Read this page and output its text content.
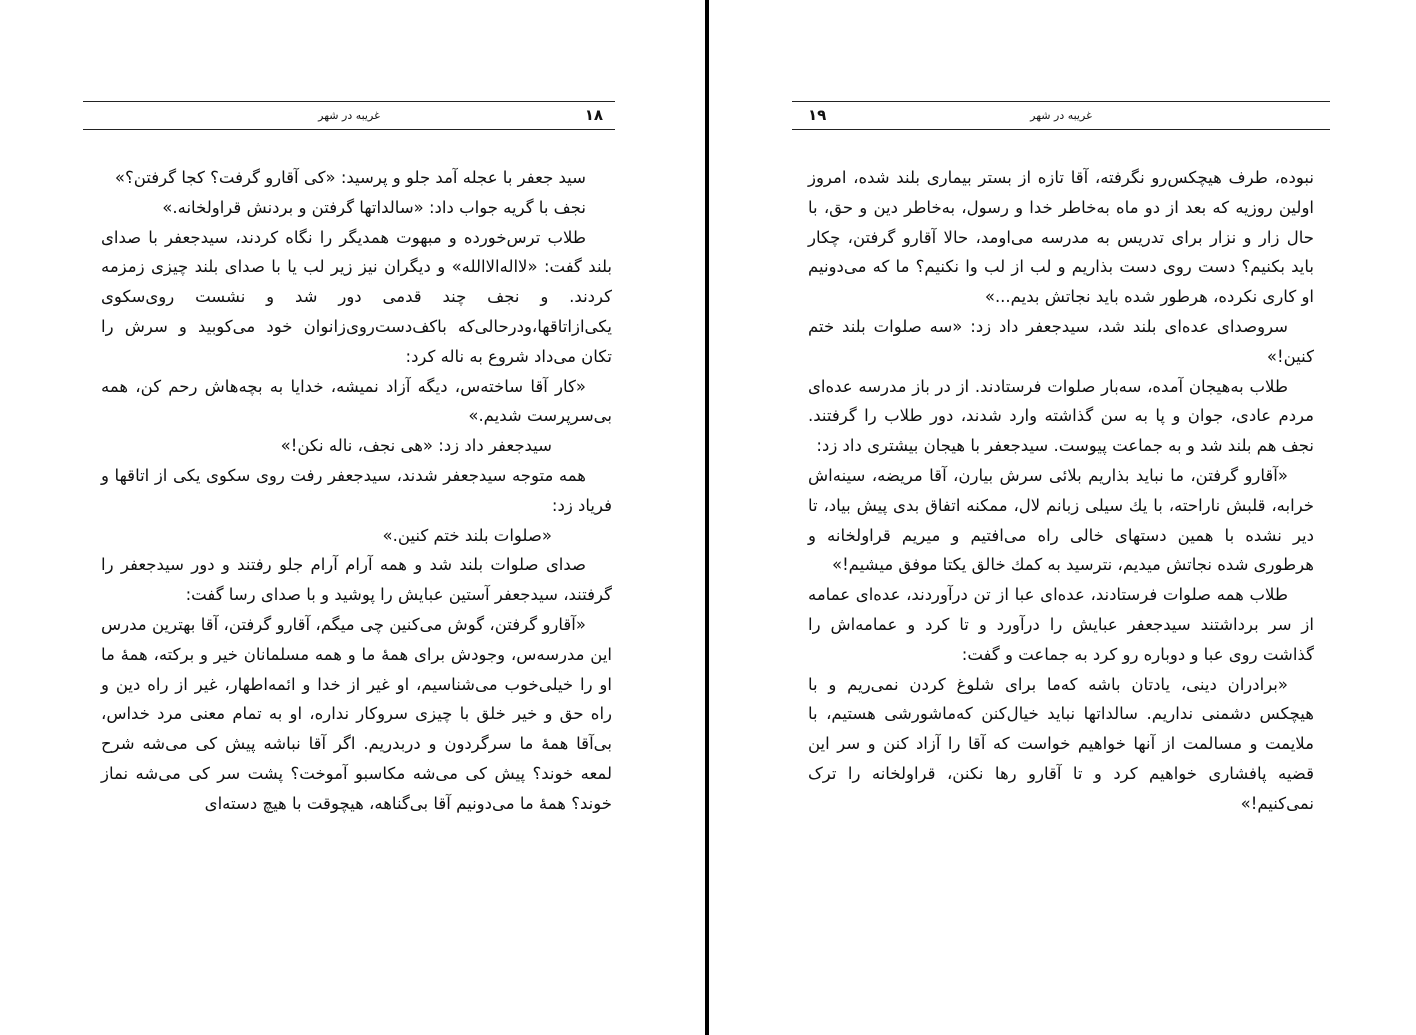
غریبه در شهر	۱۸

سید جعفر با عجله آمد جلو و پرسید: «کی آقارو گرفت؟ کجا گرفتن؟»

نجف با گریه جواب داد: «سالداتها گرفتن و بردنش قراولخانه.»

طلاب ترس‌خورده و مبهوت همدیگر را نگاه کردند، سیدجعفر با صدای بلند گفت: «لااله‌الاالله» و دیگران نیز زیر لب یا با صدای بلند چیزی زمزمه کردند. و نجف چند قدمی دور شد و نشست روی‌سکوی یکی‌ازاتاقها،ودرحالی‌که باکف‌دست‌روی‌زانوان خود می‌کوبید و سرش را تکان می‌داد شروع به ناله کرد:

«کار آقا ساخته‌س، دیگه آزاد نمیشه، خدایا به بچه‌هاش رحم کن، همه بی‌سرپرست شدیم.»

سیدجعفر داد زد: «هی نجف، ناله نکن!»

همه متوجه سیدجعفر شدند، سیدجعفر رفت روی سکوی یکی از اتاقها و فریاد زد:

«صلوات بلند ختم کنین.»

صدای صلوات بلند شد و همه آرام آرام جلو رفتند و دور سیدجعفر را گرفتند، سیدجعفر آستین عبایش را پوشید و با صدای رسا گفت:

«آقارو گرفتن، گوش می‌کنین چی میگم، آقارو گرفتن، آقا بهترین مدرس این مدرسه‌س، وجودش برای همهٔ ما و همه مسلمانان خیر و برکته، همهٔ ما او را خیلی‌خوب می‌شناسیم، او غیر از خدا و ائمه‌اطهار، غیر از راه دین و راه حق و خیر خلق با چیزی سروکار نداره، او به تمام معنی مرد خداس، بی‌آقا همهٔ ما سرگردون و دربدریم. اگر آقا نباشه پیش کی می‌شه شرح لمعه خوند؟ پیش کی می‌شه مکاسبو آموخت؟ پشت سر کی می‌شه نماز خوند؟ همهٔ ما می‌دونیم آقا بی‌گناهه، هیچوقت با هیچ دسته‌ای

غریبه در شهر
۱۹

نبوده، طرف هیچکس‌رو نگرفته، آقا تازه از بستر بیماری بلند شده، امروز اولین روزیه که بعد از دو ماه به‌خاطر خدا و رسول، به‌خاطر دین و حق، با حال زار و نزار برای تدریس به مدرسه می‌اومد، حالا آقارو گرفتن، چکار باید بکنیم؟ دست روی دست بذاریم و لب از لب وا نکنیم؟ ما که می‌دونیم او کاری نکرده، هرطور شده باید نجاتش بدیم...»

سروصدای عده‌ای بلند شد، سیدجعفر داد زد: «سه صلوات بلند ختم کنین!»

طلاب به‌هیجان آمده، سه‌بار صلوات فرستادند. از در باز مدرسه عده‌ای مردم عادی، جوان و پا به سن گذاشته وارد شدند، دور طلاب را گرفتند. نجف هم بلند شد و به جماعت پیوست. سیدجعفر با هیجان بیشتری داد زد:

«آقارو گرفتن، ما نباید بذاریم بلائی سرش بیارن، آقا مریضه، سینه‌اش خرابه، قلبش ناراحته، با یك سیلی زبانم لال، ممکنه اتفاق بدی پیش بیاد، تا دیر نشده با همین دستهای خالی راه می‌افتیم و میریم قراولخانه و هرطوری شده نجاتش میدیم، نترسید به کمك خالق یکتا موفق میشیم!»

طلاب همه صلوات فرستادند، عده‌ای عبا از تن درآوردند، عده‌ای عمامه از سر برداشتند سیدجعفر عبایش را درآورد و تا کرد و عمامه‌اش را گذاشت روی عبا و دوباره رو کرد به جماعت و گفت:

«برادران دینی، یادتان باشه که‌ما برای شلوغ کردن نمی‌ریم و با هیچکس دشمنی نداریم. سالداتها نباید خیال‌کنن که‌ماشورشی هستیم، با ملایمت و مسالمت از آنها خواهیم خواست که آقا را آزاد کنن و سر این قضیه پافشاری خواهیم کرد و تا آقارو رها نکنن، قراولخانه را ترک نمی‌کنیم!»
